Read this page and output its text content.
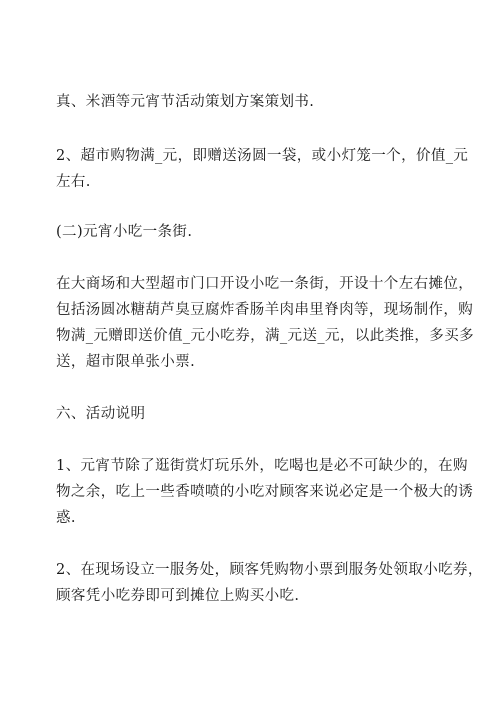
真、米酒等元宵节活动策划方案策划书.

2、超市购物满_元，即赠送汤圆一袋，或小灯笼一个，价值_元
左右.

(二)元宵小吃一条街.

在大商场和大型超市门口开设小吃一条街，开设十个左右摊位，
包括汤圆冰糖葫芦臭豆腐炸香肠羊肉串里脊肉等，现场制作，购
物满_元赠即送价值_元小吃券，满_元送_元，以此类推，多买多
送，超市限单张小票.

六、活动说明

1、元宵节除了逛街赏灯玩乐外，吃喝也是必不可缺少的，在购
物之余，吃上一些香喷喷的小吃对顾客来说必定是一个极大的诱
惑.

2、在现场设立一服务处，顾客凭购物小票到服务处领取小吃券，
顾客凭小吃券即可到摊位上购买小吃.
